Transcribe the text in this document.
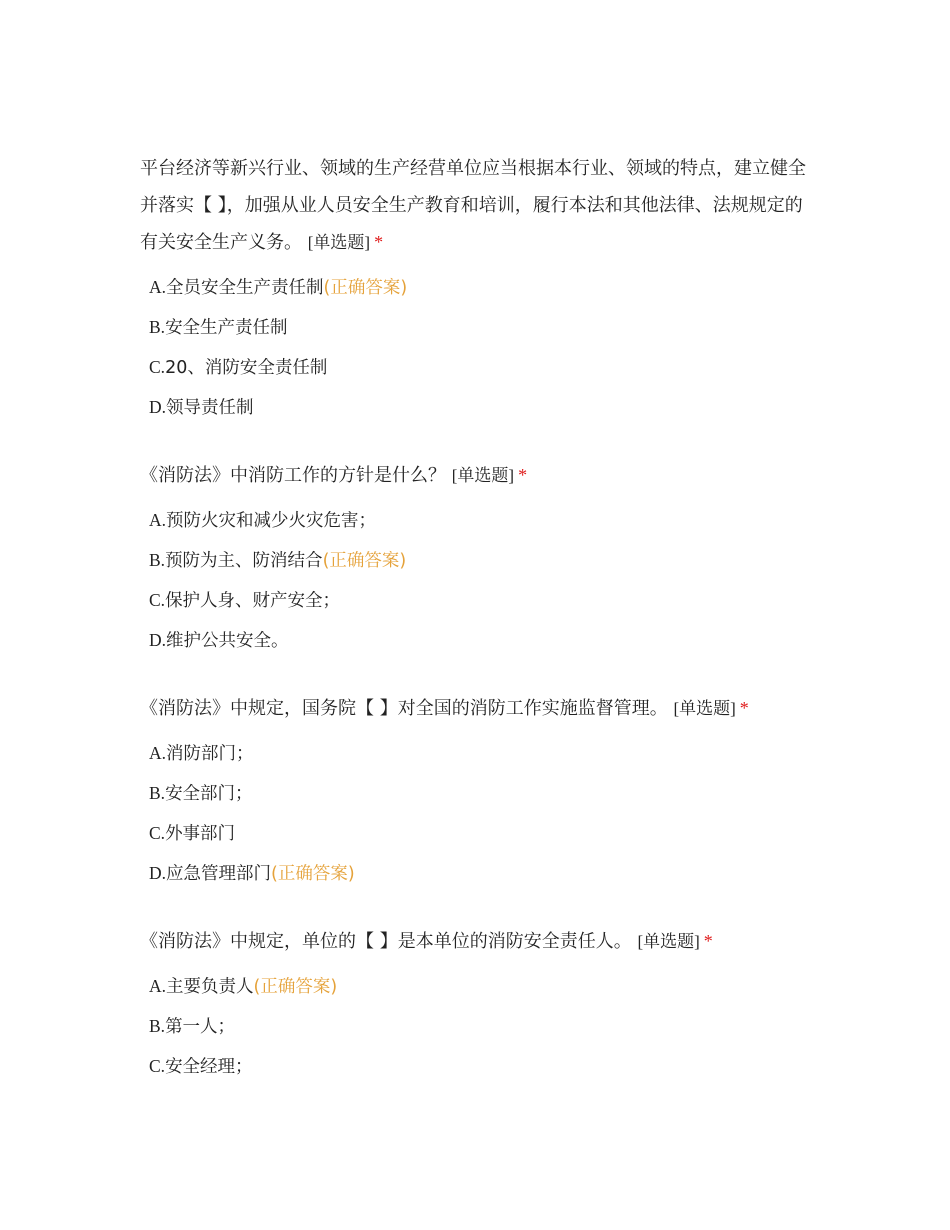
平台经济等新兴行业、领域的生产经营单位应当根据本行业、领域的特点，建立健全并落实【 】，加强从业人员安全生产教育和培训，履行本法和其他法律、法规规定的有关安全生产义务。 [单选题] *

A.全员安全生产责任制(正确答案)
B.安全生产责任制
C.20、消防安全责任制
D.领导责任制

《消防法》中消防工作的方针是什么？ [单选题] *

A.预防火灾和减少火灾危害；
B.预防为主、防消结合(正确答案)
C.保护人身、财产安全；
D.维护公共安全。

《消防法》中规定，国务院【 】对全国的消防工作实施监督管理。 [单选题] *

A.消防部门；
B.安全部门；
C.外事部门
D.应急管理部门(正确答案)

《消防法》中规定，单位的【 】是本单位的消防安全责任人。 [单选题] *

A.主要负责人(正确答案)
B.第一人；
C.安全经理；
